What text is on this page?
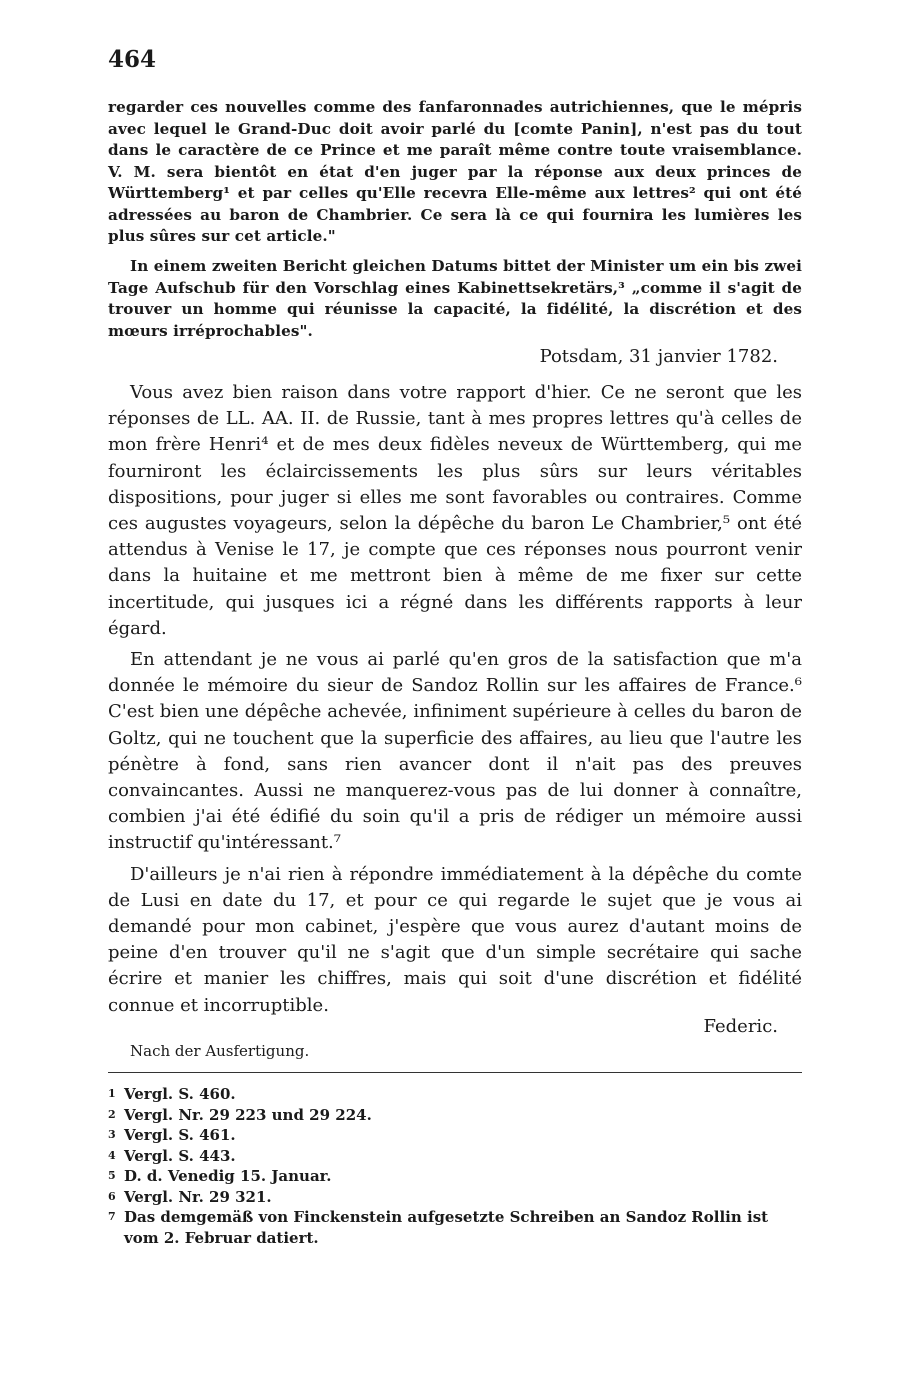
464
regarder ces nouvelles comme des fanfaronnades autrichiennes, que le mépris avec lequel le Grand-Duc doit avoir parlé du [comte Panin], n'est pas du tout dans le caractère de ce Prince et me paraît même contre toute vraisemblance. V. M. sera bientôt en état d'en juger par la réponse aux deux princes de Württemberg¹ et par celles qu'Elle recevra Elle-même aux lettres² qui ont été adressées au baron de Chambrier. Ce sera là ce qui fournira les lumières les plus sûres sur cet article."
In einem zweiten Bericht gleichen Datums bittet der Minister um ein bis zwei Tage Aufschub für den Vorschlag eines Kabinettsekretärs,³ „comme il s'agit de trouver un homme qui réunisse la capacité, la fidélité, la discrétion et des mœurs irréprochables".
Potsdam, 31 janvier 1782.

Vous avez bien raison dans votre rapport d'hier. Ce ne seront que les réponses de LL. AA. II. de Russie, tant à mes propres lettres qu'à celles de mon frère Henri⁴ et de mes deux fidèles neveux de Württemberg, qui me fourniront les éclaircissements les plus sûrs sur leurs véritables dispositions, pour juger si elles me sont favorables ou contraires. Comme ces augustes voyageurs, selon la dépêche du baron Le Chambrier,⁵ ont été attendus à Venise le 17, je compte que ces réponses nous pourront venir dans la huitaine et me mettront bien à même de me fixer sur cette incertitude, qui jusques ici a régné dans les différents rapports à leur égard.

En attendant je ne vous ai parlé qu'en gros de la satisfaction que m'a donnée le mémoire du sieur de Sandoz Rollin sur les affaires de France.⁶ C'est bien une dépêche achevée, infiniment supérieure à celles du baron de Goltz, qui ne touchent que la superficie des affaires, au lieu que l'autre les pénètre à fond, sans rien avancer dont il n'ait pas des preuves convaincantes. Aussi ne manquerez-vous pas de lui donner à connaître, combien j'ai été édifié du soin qu'il a pris de rédiger un mémoire aussi instructif qu'intéressant.⁷

D'ailleurs je n'ai rien à répondre immédiatement à la dépêche du comte de Lusi en date du 17, et pour ce qui regarde le sujet que je vous ai demandé pour mon cabinet, j'espère que vous aurez d'autant moins de peine d'en trouver qu'il ne s'agit que d'un simple secrétaire qui sache écrire et manier les chiffres, mais qui soit d'une discrétion et fidélité connue et incorruptible.

Federic.
Nach der Ausfertigung.
1 Vergl. S. 460.
2 Vergl. Nr. 29 223 und 29 224.
3 Vergl. S. 461.
4 Vergl. S. 443.
5 D. d. Venedig 15. Januar.
6 Vergl. Nr. 29 321.
7 Das demgemäß von Finckenstein aufgesetzte Schreiben an Sandoz Rollin ist vom 2. Februar datiert.
